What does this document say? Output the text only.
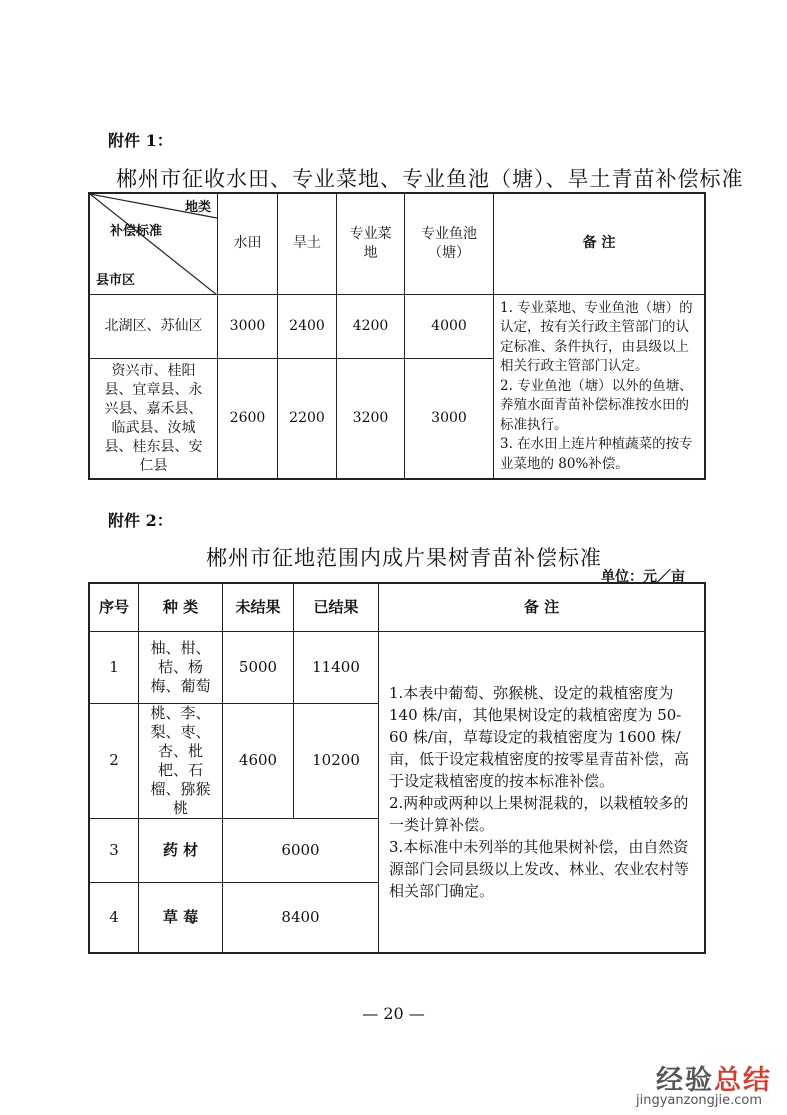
附件 1：
郴州市征收水田、专业菜地、专业鱼池（塘）、旱土青苗补偿标准
地类
补偿标准
县市区	水田	旱土	专业菜地	专业鱼池（塘）	备 注
北湖区、苏仙区	3000	2400	4200	4000	1. 专业菜地、专业鱼池（塘）的认定，按有关行政主管部门的认定标准、条件执行，由县级以上相关行政主管部门认定。
2. 专业鱼池（塘）以外的鱼塘、养殖水面青苗补偿标准按水田的标准执行。
3. 在水田上连片种植蔬菜的按专业菜地的 80%补偿。
资兴市、桂阳县、宜章县、永兴县、嘉禾县、临武县、汝城县、桂东县、安仁县	2600	2200	3200	3000	
附件 2：
郴州市征地范围内成片果树青苗补偿标准
单位：元／亩
序号	种 类	未结果	已结果	备 注
1	柚、柑、桔、杨梅、葡萄	5000	11400	1.本表中葡萄、弥猴桃、设定的栽植密度为 140 株/亩，其他果树设定的栽植密度为 50-60 株/亩，草莓设定的栽植密度为 1600 株/亩，低于设定栽植密度的按零星青苗补偿，高于设定栽植密度的按本标准补偿。
2.两种或两种以上果树混栽的，以栽植较多的一类计算补偿。
3.本标准中未列举的其他果树补偿，由自然资源部门会同县级以上发改、林业、农业农村等相关部门确定。
2	桃、李、梨、枣、杏、枇杷、石榴、猕猴桃	4600	10200	
3	药 材	6000		
4	草 莓	8400		
— 20 —
经验总结
jingyanzongjie.com
